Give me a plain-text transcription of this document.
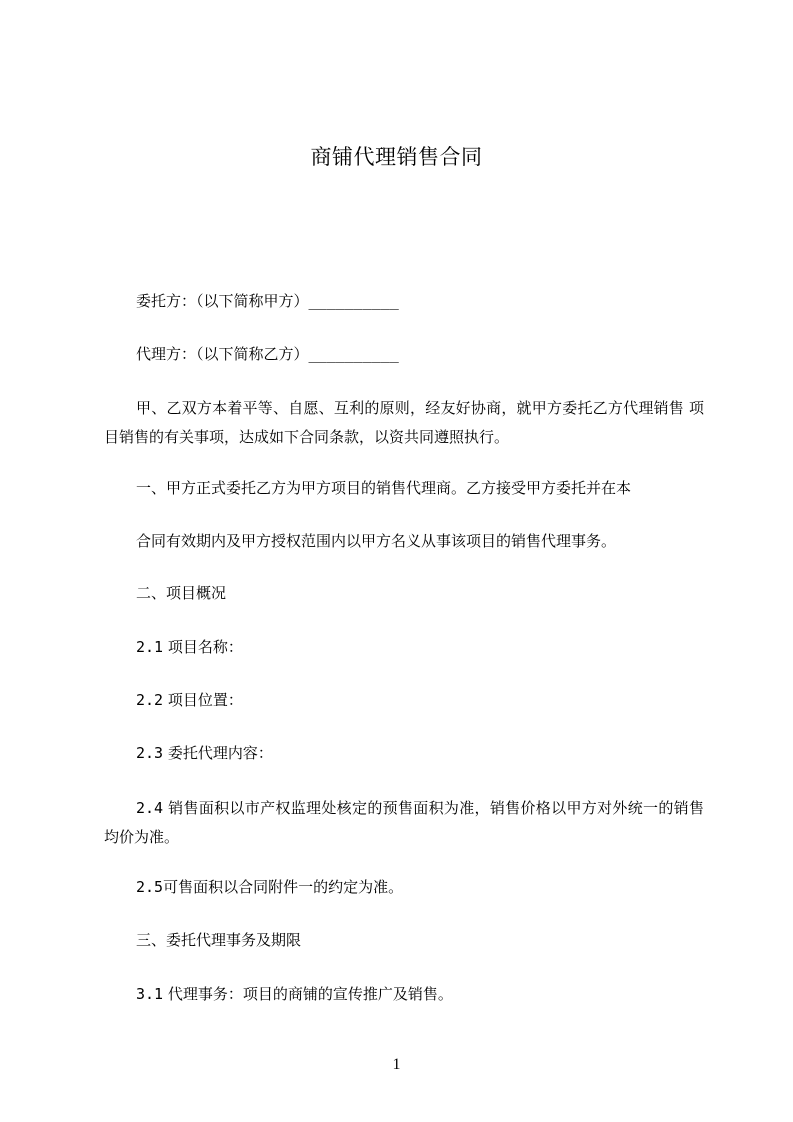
商铺代理销售合同

委托方：（以下简称甲方）__________

代理方：（以下简称乙方）__________

甲、乙双方本着平等、自愿、互利的原则，经友好协商，就甲方委托乙方代理销售 项目销售的有关事项，达成如下合同条款，以资共同遵照执行。

一、甲方正式委托乙方为甲方项目的销售代理商。乙方接受甲方委托并在本

合同有效期内及甲方授权范围内以甲方名义从事该项目的销售代理事务。

二、项目概况

2.1 项目名称：

2.2 项目位置：

2.3 委托代理内容：

2.4 销售面积以市产权监理处核定的预售面积为准，销售价格以甲方对外统一的销售均价为准。

2.5可售面积以合同附件一的约定为准。

三、委托代理事务及期限

3.1 代理事务：项目的商铺的宣传推广及销售。

1
